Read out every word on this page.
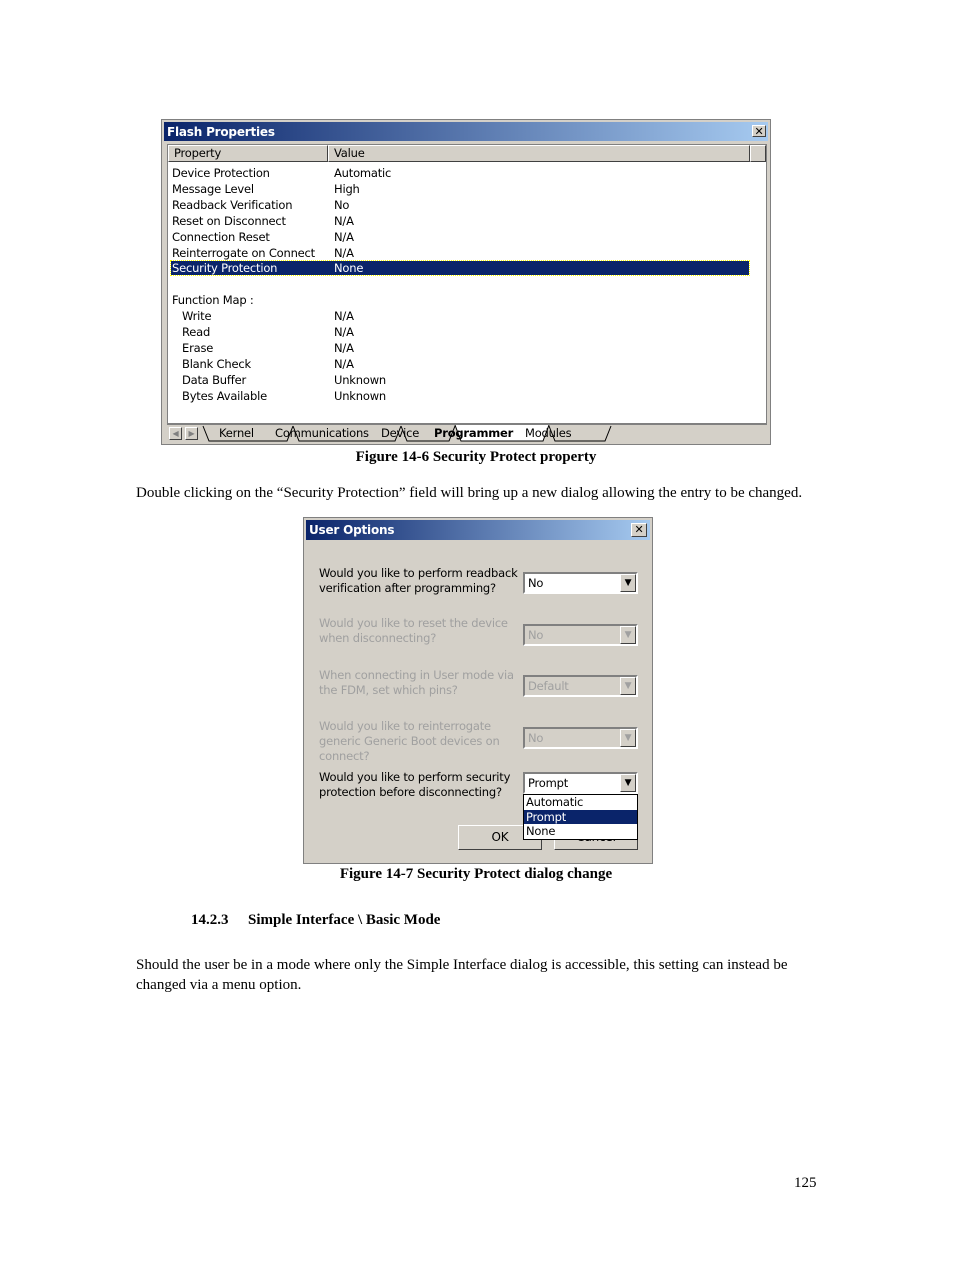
Flash Properties	✕
Property	Value
Device Protection	Automatic
Message Level	High
Readback Verification	No
Reset on Disconnect	N/A
Connection Reset	N/A
Reinterrogate on Connect N/A
Security Protection	None
Function Map :
Write	N/A
Read	N/A
Erase	N/A
Blank Check	N/A
Data Buffer	Unknown
Bytes Available	Unknown
◀	▶	Kernel Communications Device Programmer Modules
Figure 14-6 Security Protect property
Double clicking on the “Security Protection” field will bring up a new dialog allowing the entry to be changed.
User Options	✕
Would you like to perform readback verification after programming?	No	▼
Would you like to reset the device when disconnecting?	No	▼
When connecting in User mode via the FDM, set which pins?	Default	▼
Would you like to reinterrogate generic Generic Boot devices on connect?
No	▼
Would you like to perform security protection before disconnecting?
Prompt	▼
OK
Automatic
Prompt
None
Figure 14-7 Security Protect dialog change
14.2.3 Simple Interface \ Basic Mode
Should the user be in a mode where only the Simple Interface dialog is accessible, this setting can instead be
changed via a menu option.
125
